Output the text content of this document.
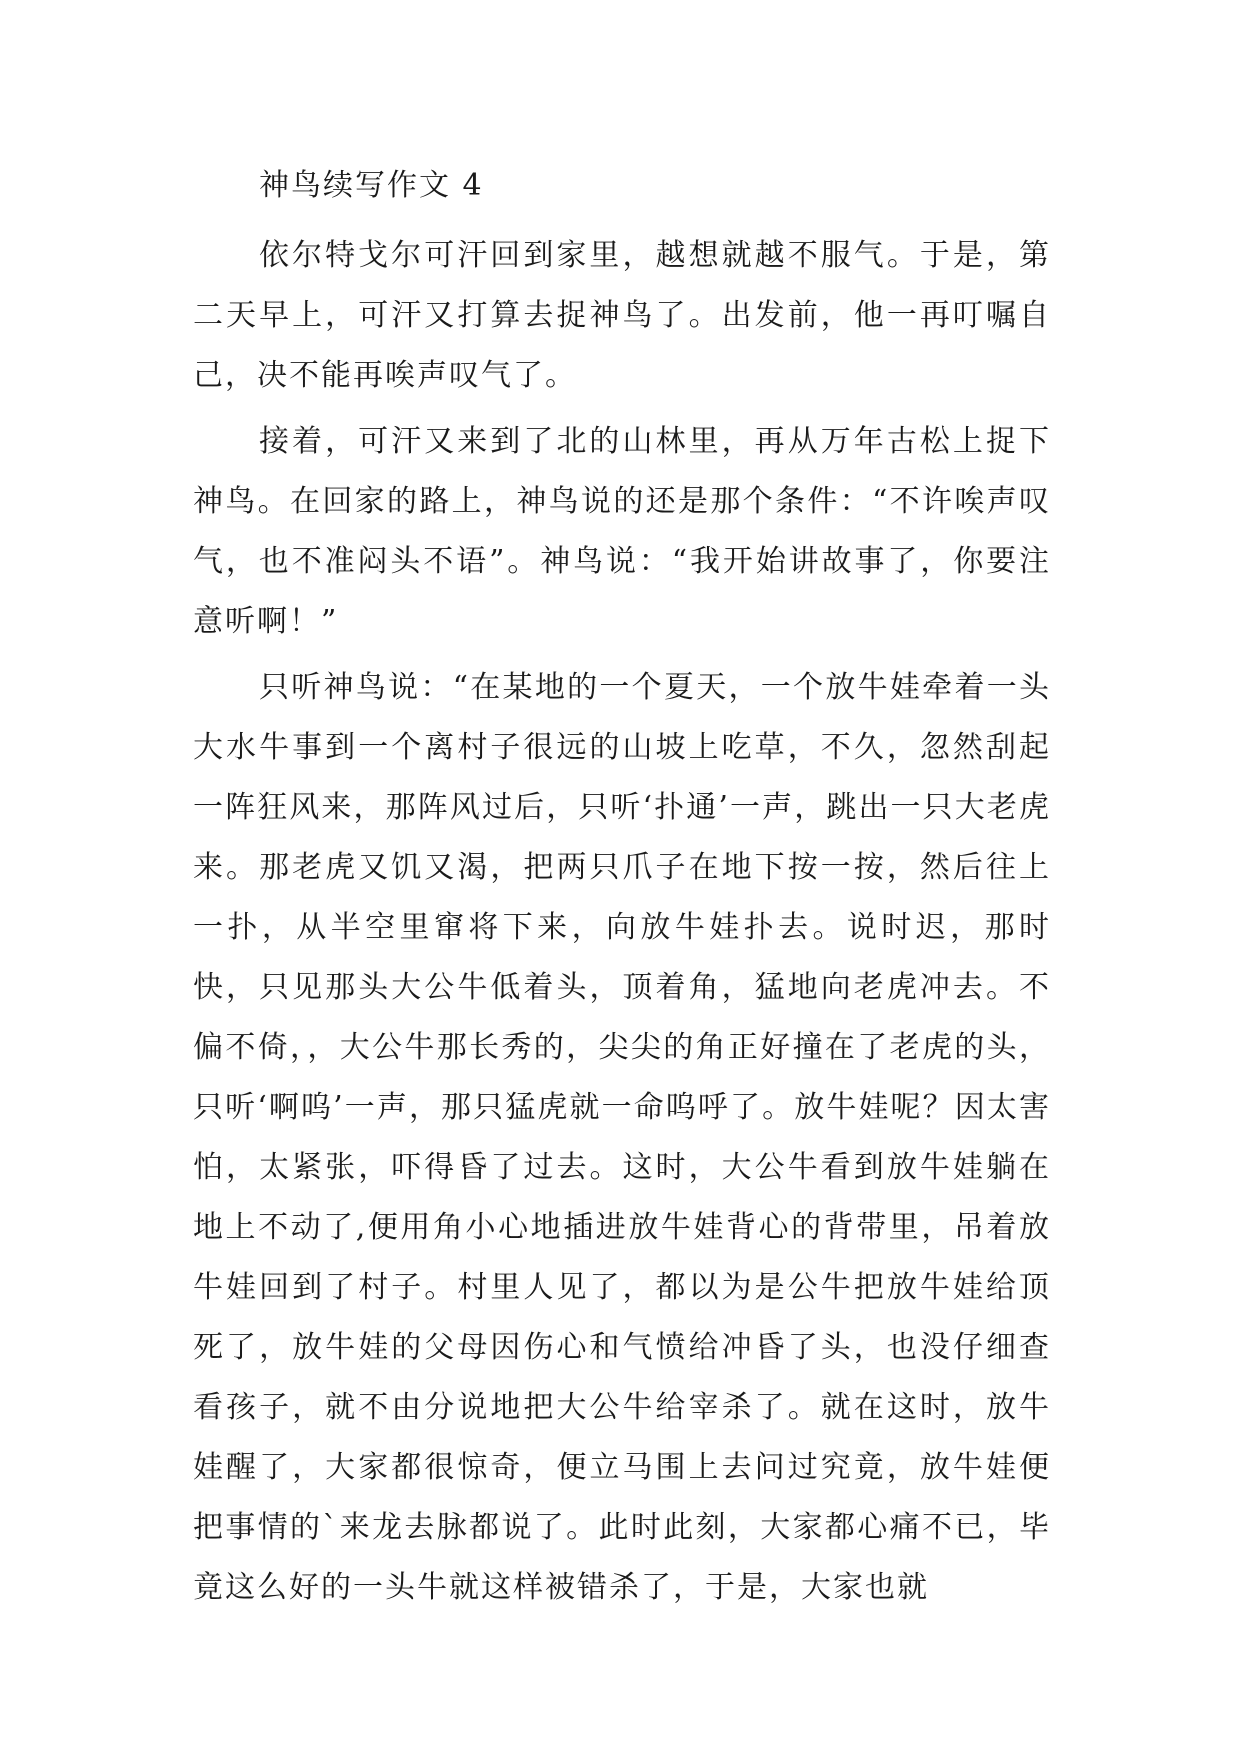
神鸟续写作文 4

依尔特戈尔可汗回到家里，越想就越不服气。于是，第二天早上，可汗又打算去捉神鸟了。出发前，他一再叮嘱自己，决不能再唉声叹气了。

接着，可汗又来到了北的山林里，再从万年古松上捉下神鸟。在回家的路上，神鸟说的还是那个条件：“不许唉声叹气，也不准闷头不语”。神鸟说：“我开始讲故事了，你要注意听啊！”

只听神鸟说：“在某地的一个夏天，一个放牛娃牵着一头大水牛事到一个离村子很远的山坡上吃草，不久，忽然刮起一阵狂风来，那阵风过后，只听‘扑通’一声，跳出一只大老虎来。那老虎又饥又渴，把两只爪子在地下按一按，然后往上一扑，从半空里窜将下来，向放牛娃扑去。说时迟，那时快，只见那头大公牛低着头，顶着角，猛地向老虎冲去。不偏不倚，，大公牛那长秀的，尖尖的角正好撞在了老虎的头，只听‘啊呜’一声，那只猛虎就一命呜呼了。放牛娃呢？因太害怕，太紧张，吓得昏了过去。这时，大公牛看到放牛娃躺在地上不动了,便用角小心地插进放牛娃背心的背带里，吊着放牛娃回到了村子。村里人见了，都以为是公牛把放牛娃给顶死了，放牛娃的父母因伤心和气愤给冲昏了头，也没仔细查看孩子，就不由分说地把大公牛给宰杀了。就在这时，放牛娃醒了，大家都很惊奇，便立马围上去问过究竟，放牛娃便把事情的`来龙去脉都说了。此时此刻，大家都心痛不已，毕竟这么好的一头牛就这样被错杀了，于是，大家也就
